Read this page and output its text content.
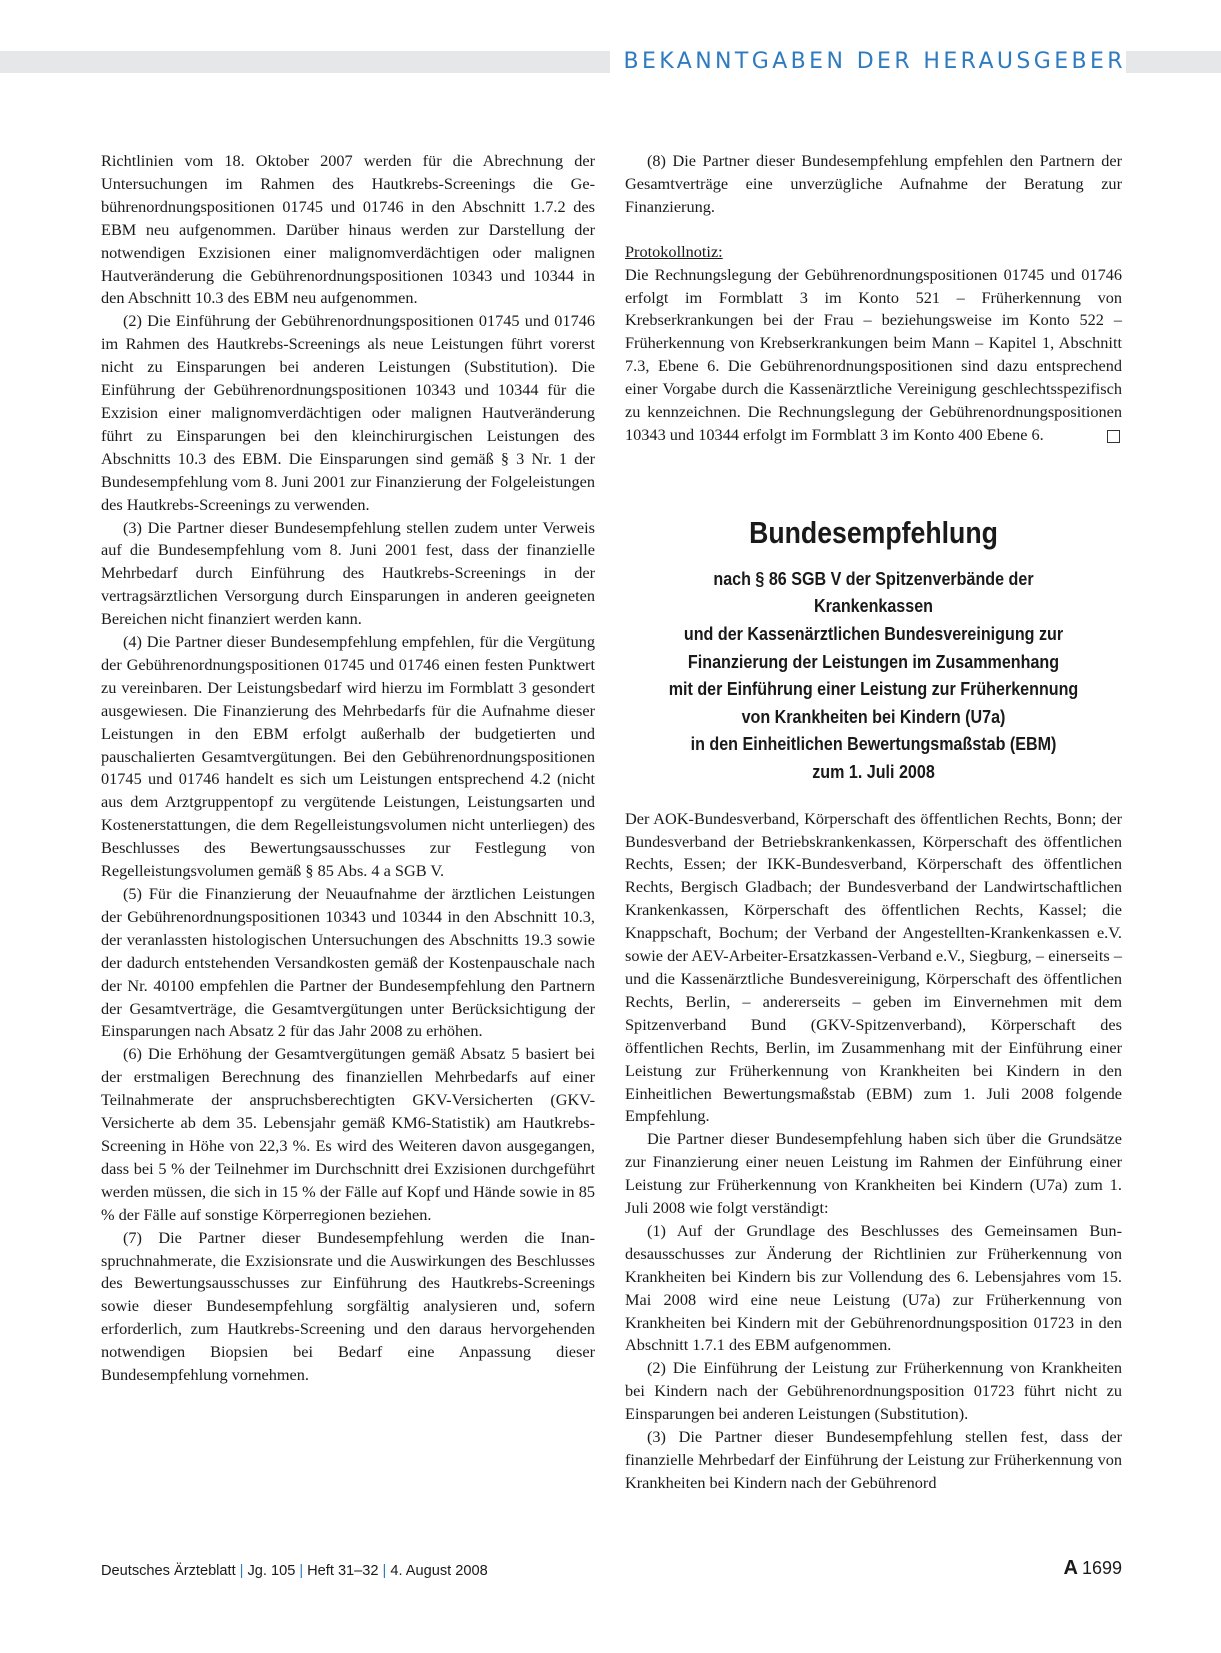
BEKANNTGABEN DER HERAUSGEBER

Richtlinien vom 18. Oktober 2007 werden für die Abrechnung der Untersuchungen im Rahmen des Hautkrebs-Screenings die Gebührenordnungspositionen 01745 und 01746 in den Abschnitt 1.7.2 des EBM neu aufgenommen. Darüber hinaus werden zur Darstellung der notwendigen Exzisionen einer malignomverdächtigen oder malignen Hautveränderung die Gebührenordnungspositionen 10343 und 10344 in den Abschnitt 10.3 des EBM neu aufgenommen.

(2) Die Einführung der Gebührenordnungspositionen 01745 und 01746 im Rahmen des Hautkrebs-Screenings als neue Leistungen führt vorerst nicht zu Einsparungen bei anderen Leistungen (Substitution). Die Einführung der Gebührenordnungspositionen 10343 und 10344 für die Exzision einer malignomverdächtigen oder malignen Hautveränderung führt zu Einsparungen bei den kleinchirurgischen Leistungen des Abschnitts 10.3 des EBM. Die Einsparungen sind gemäß § 3 Nr. 1 der Bundesempfehlung vom 8. Juni 2001 zur Finanzierung der Folgeleistungen des Hautkrebs-Screenings zu verwenden.

(3) Die Partner dieser Bundesempfehlung stellen zudem unter Verweis auf die Bundesempfehlung vom 8. Juni 2001 fest, dass der finanzielle Mehrbedarf durch Einführung des Hautkrebs-Screenings in der vertragsärztlichen Versorgung durch Einsparungen in anderen geeigneten Bereichen nicht finanziert werden kann.

(4) Die Partner dieser Bundesempfehlung empfehlen, für die Vergütung der Gebührenordnungspositionen 01745 und 01746 einen festen Punktwert zu vereinbaren. Der Leistungsbedarf wird hierzu im Formblatt 3 gesondert ausgewiesen. Die Finanzierung des Mehrbedarfs für die Aufnahme dieser Leistungen in den EBM erfolgt außerhalb der budgetierten und pauschalierten Gesamtvergütungen. Bei den Gebührenordnungspositionen 01745 und 01746 handelt es sich um Leistungen entsprechend 4.2 (nicht aus dem Arztgruppentopf zu vergütende Leistungen, Leistungsarten und Kostenerstattungen, die dem Regelleistungsvolumen nicht unterliegen) des Beschlusses des Bewertungsausschusses zur Festlegung von Regelleistungsvolumen gemäß § 85 Abs. 4 a SGB V.

(5) Für die Finanzierung der Neuaufnahme der ärztlichen Leistungen der Gebührenordnungspositionen 10343 und 10344 in den Abschnitt 10.3, der veranlassten histologischen Untersuchungen des Abschnitts 19.3 sowie der dadurch entstehenden Versandkosten gemäß der Kostenpauschale nach der Nr. 40100 empfehlen die Partner der Bundesempfehlung den Partnern der Gesamtverträge, die Gesamtvergütungen unter Berücksichtigung der Einsparungen nach Absatz 2 für das Jahr 2008 zu erhöhen.

(6) Die Erhöhung der Gesamtvergütungen gemäß Absatz 5 basiert bei der erstmaligen Berechnung des finanziellen Mehrbedarfs auf einer Teilnahmerate der anspruchsberechtigten GKV-Versicherten (GKV-Versicherte ab dem 35. Lebensjahr gemäß KM6-Statistik) am Hautkrebs-Screening in Höhe von 22,3 %. Es wird des Weiteren davon ausgegangen, dass bei 5 % der Teilnehmer im Durchschnitt drei Exzisionen durchgeführt werden müssen, die sich in 15 % der Fälle auf Kopf und Hände sowie in 85 % der Fälle auf sonstige Körperregionen beziehen.

(7) Die Partner dieser Bundesempfehlung werden die Inanspruchnahmerate, die Exzisionsrate und die Auswirkungen des Beschlusses des Bewertungsausschusses zur Einführung des Hautkrebs-Screenings sowie dieser Bundesempfehlung sorgfältig analysieren und, sofern erforderlich, zum Hautkrebs-Screening und den daraus hervorgehenden notwendigen Biopsien bei Bedarf eine Anpassung dieser Bundesempfehlung vornehmen.

(8) Die Partner dieser Bundesempfehlung empfehlen den Partnern der Gesamtverträge eine unverzügliche Aufnahme der Beratung zur Finanzierung.

Protokollnotiz:

Die Rechnungslegung der Gebührenordnungspositionen 01745 und 01746 erfolgt im Formblatt 3 im Konto 521 – Früherkennung von Krebserkrankungen bei der Frau – beziehungsweise im Konto 522 – Früherkennung von Krebserkrankungen beim Mann – Kapitel 1, Abschnitt 7.3, Ebene 6. Die Gebührenordnungspositionen sind dazu entsprechend einer Vorgabe durch die Kassenärztliche Vereinigung geschlechtsspezifisch zu kennzeichnen. Die Rechnungslegung der Gebührenordnungspositionen 10343 und 10344 erfolgt im Formblatt 3 im Konto 400 Ebene 6.

Bundesempfehlung
nach § 86 SGB V der Spitzenverbände der Krankenkassen
und der Kassenärztlichen Bundesvereinigung zur
Finanzierung der Leistungen im Zusammenhang
mit der Einführung einer Leistung zur Früherkennung
von Krankheiten bei Kindern (U7a)
in den Einheitlichen Bewertungsmaßstab (EBM)
zum 1. Juli 2008

Der AOK-Bundesverband, Körperschaft des öffentlichen Rechts, Bonn; der Bundesverband der Betriebskrankenkassen, Körperschaft des öffentlichen Rechts, Essen; der IKK-Bundesverband, Körperschaft des öffentlichen Rechts, Bergisch Gladbach; der Bundesverband der Landwirtschaftlichen Krankenkassen, Körperschaft des öffentlichen Rechts, Kassel; die Knappschaft, Bochum; der Verband der Angestellten-Krankenkassen e.V. sowie der AEV-Arbeiter-Ersatzkassen-Verband e.V., Siegburg, – einerseits – und die Kassenärztliche Bundesvereinigung, Körperschaft des öffentlichen Rechts, Berlin, – andererseits – geben im Einvernehmen mit dem Spitzenverband Bund (GKV-Spitzenverband), Körperschaft des öffentlichen Rechts, Berlin, im Zusammenhang mit der Einführung einer Leistung zur Früherkennung von Krankheiten bei Kindern in den Einheitlichen Bewertungsmaßstab (EBM) zum 1. Juli 2008 folgende Empfehlung.

Die Partner dieser Bundesempfehlung haben sich über die Grundsätze zur Finanzierung einer neuen Leistung im Rahmen der Einführung einer Leistung zur Früherkennung von Krankheiten bei Kindern (U7a) zum 1. Juli 2008 wie folgt verständigt:

(1) Auf der Grundlage des Beschlusses des Gemeinsamen Bundesausschusses zur Änderung der Richtlinien zur Früherkennung von Krankheiten bei Kindern bis zur Vollendung des 6. Lebensjahres vom 15. Mai 2008 wird eine neue Leistung (U7a) zur Früherkennung von Krankheiten bei Kindern mit der Gebührenordnungsposition 01723 in den Abschnitt 1.7.1 des EBM aufgenommen.

(2) Die Einführung der Leistung zur Früherkennung von Krankheiten bei Kindern nach der Gebührenordnungsposition 01723 führt nicht zu Einsparungen bei anderen Leistungen (Substitution).

(3) Die Partner dieser Bundesempfehlung stellen fest, dass der finanzielle Mehrbedarf der Einführung der Leistung zur Früherkennung von Krankheiten bei Kindern nach der Gebührenord

Deutsches Ärzteblatt | Jg. 105 | Heft 31–32 | 4. August 2008	A 1699
